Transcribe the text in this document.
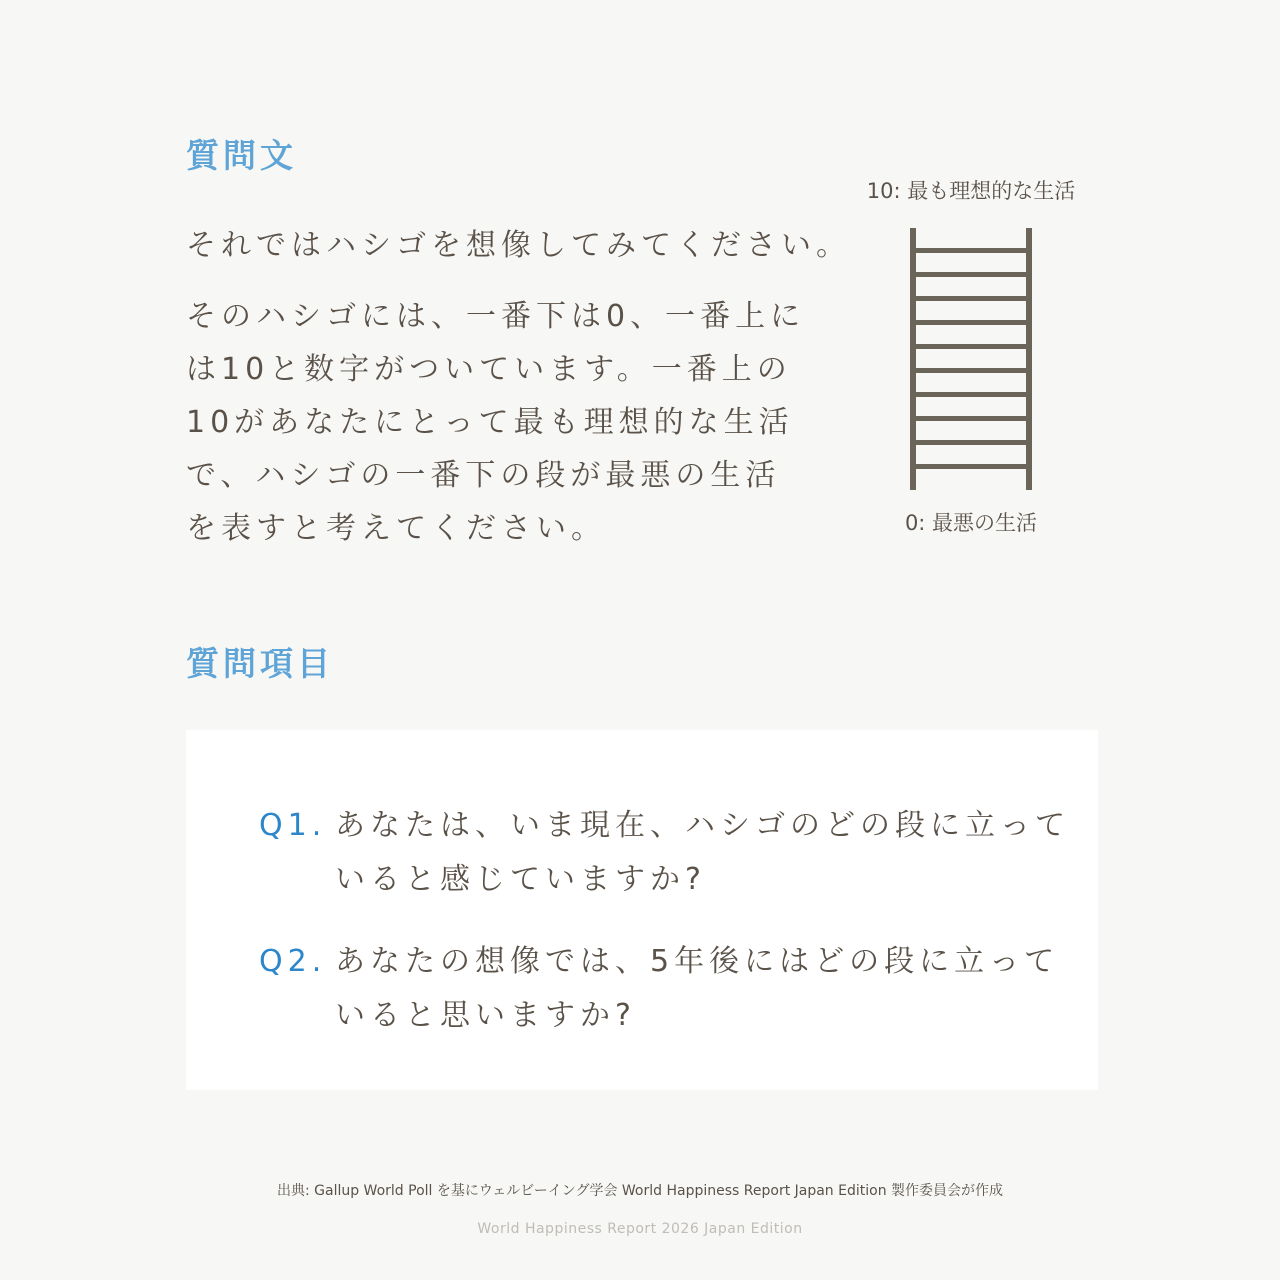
質問文
それではハシゴを想像してみてください。
そのハシゴには、一番下は0、一番上に
は10と数字がついています。一番上の
10があなたにとって最も理想的な生活
で、ハシゴの一番下の段が最悪の生活
を表すと考えてください。
10: 最も理想的な生活
0: 最悪の生活
質問項目
Q1. あなたは、いま現在、ハシゴのどの段に立って
いると感じていますか?
Q2. あなたの想像では、5年後にはどの段に立って
いると思いますか?
出典: Gallup World Poll を基にウェルビーイング学会 World Happiness Report Japan Edition 製作委員会が作成
World Happiness Report 2026 Japan Edition
